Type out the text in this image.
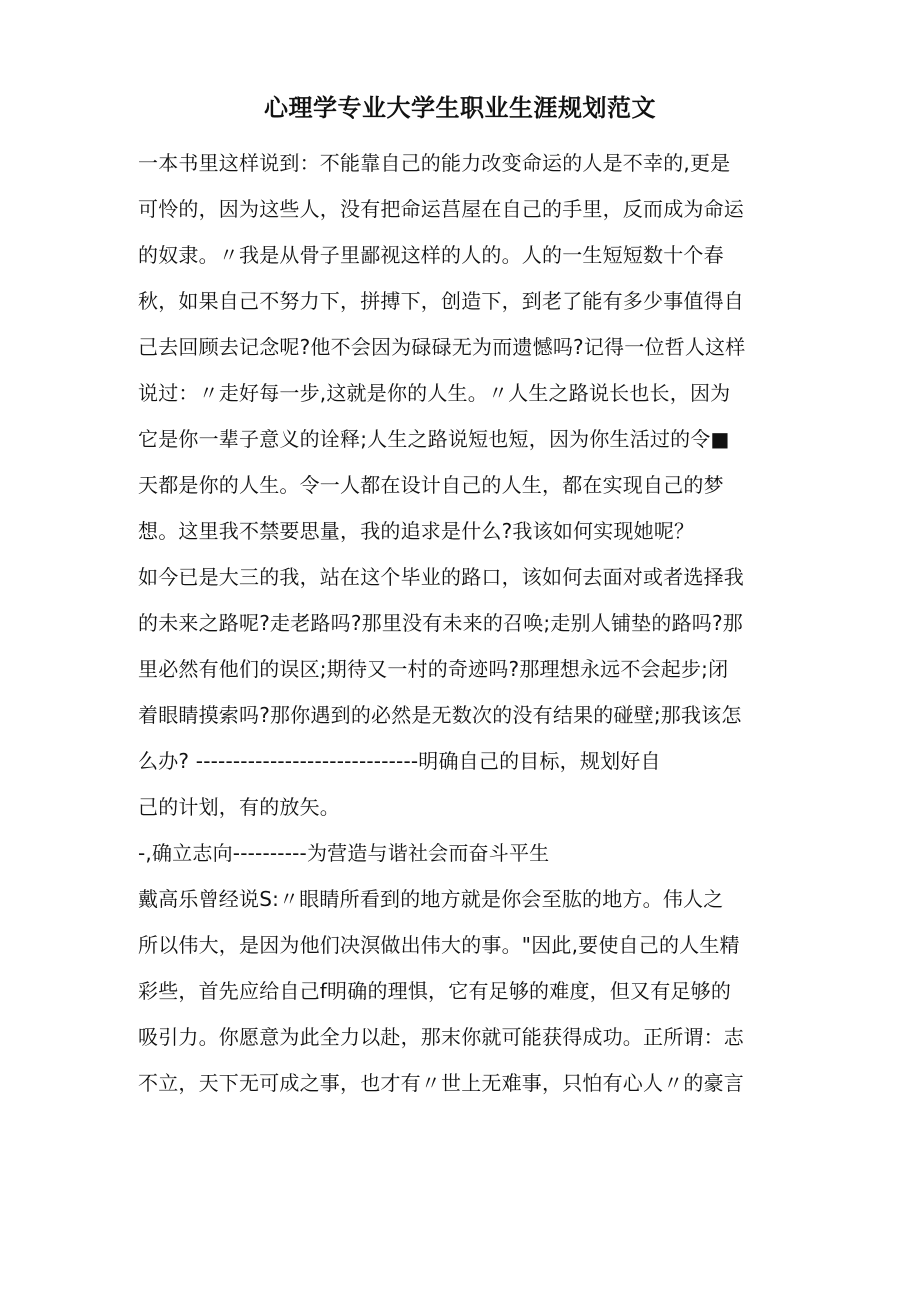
心理学专业大学生职业生涯规划范文
一本书里这样说到：不能靠自己的能力改变命运的人是不幸的,更是
可怜的，因为这些人，没有把命运莒屋在自己的手里，反而成为命运
的奴隶。〃我是从骨子里鄙视这样的人的。人的一生短短数十个春
秋，如果自己不努力下，拼搏下，创造下，到老了能有多少事值得自
己去回顾去记念呢?他不会因为碌碌无为而遗憾吗?记得一位哲人这样
说过：〃走好每一步,这就是你的人生。〃人生之路说长也长，因为
它是你一辈子意义的诠释;人生之路说短也短，因为你生活过的令■
天都是你的人生。令一人都在设计自己的人生，都在实现自己的梦
想。这里我不禁要思量，我的追求是什么?我该如何实现她呢？
如今已是大三的我，站在这个毕业的路口，该如何去面对或者选择我
的未来之路呢?走老路吗?那里没有未来的召唤;走别人铺垫的路吗?那
里必然有他们的误区;期待又一村的奇迹吗?那理想永远不会起步;闭
着眼睛摸索吗?那你遇到的必然是无数次的没有结果的碰壁;那我该怎
么办? ------------------------------明确自己的目标，规划好自
己的计划，有的放矢。
-,确立志向----------为营造与谐社会而奋斗平生
戴高乐曾经说S:〃眼睛所看到的地方就是你会至肱的地方。伟人之
所以伟大，是因为他们决溟做出伟大的事。"因此,要使自己的人生精
彩些，首先应给自己f明确的理惧，它有足够的难度，但又有足够的
吸引力。你愿意为此全力以赴，那末你就可能获得成功。正所谓：志
不立，天下无可成之事，也才有〃世上无难事，只怕有心人〃的豪言
